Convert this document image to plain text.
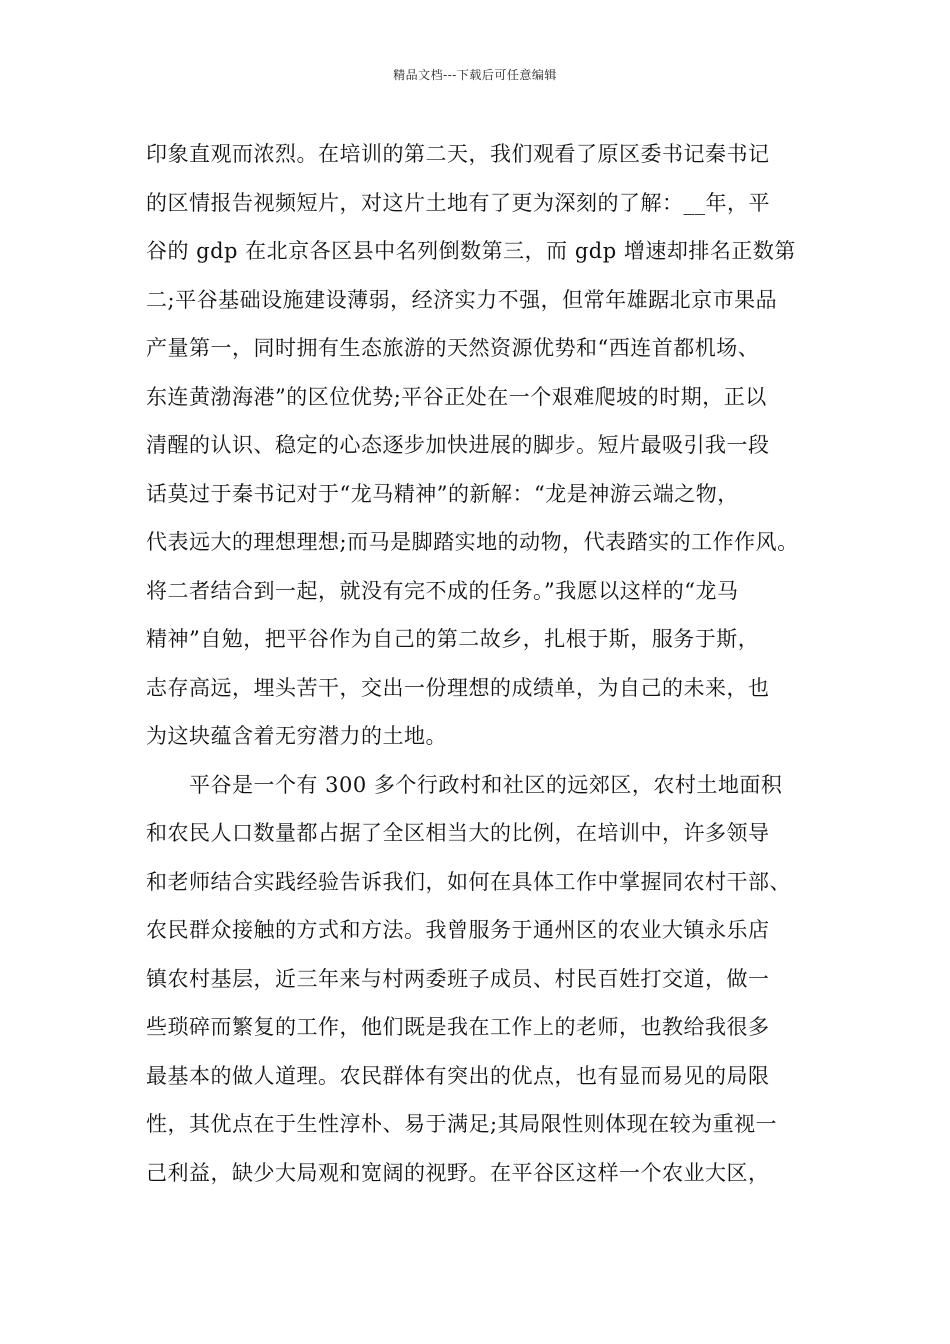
精品文档---下载后可任意编辑
印象直观而浓烈。在培训的第二天，我们观看了原区委书记秦书记
的区情报告视频短片，对这片土地有了更为深刻的了解：__年，平
谷的 gdp 在北京各区县中名列倒数第三，而 gdp 增速却排名正数第
二;平谷基础设施建设薄弱，经济实力不强，但常年雄踞北京市果品
产量第一，同时拥有生态旅游的天然资源优势和“西连首都机场、
东连黄渤海港”的区位优势;平谷正处在一个艰难爬坡的时期，正以
清醒的认识、稳定的心态逐步加快进展的脚步。短片最吸引我一段
话莫过于秦书记对于“龙马精神”的新解：“龙是神游云端之物，
代表远大的理想理想;而马是脚踏实地的动物，代表踏实的工作作风。
将二者结合到一起，就没有完不成的任务。”我愿以这样的“龙马
精神”自勉，把平谷作为自己的第二故乡，扎根于斯，服务于斯，
志存高远，埋头苦干，交出一份理想的成绩单，为自己的未来，也
为这块蕴含着无穷潜力的土地。
　　平谷是一个有 300 多个行政村和社区的远郊区，农村土地面积
和农民人口数量都占据了全区相当大的比例，在培训中，许多领导
和老师结合实践经验告诉我们，如何在具体工作中掌握同农村干部、
农民群众接触的方式和方法。我曾服务于通州区的农业大镇永乐店
镇农村基层，近三年来与村两委班子成员、村民百姓打交道，做一
些琐碎而繁复的工作，他们既是我在工作上的老师，也教给我很多
最基本的做人道理。农民群体有突出的优点，也有显而易见的局限
性，其优点在于生性淳朴、易于满足;其局限性则体现在较为重视一
己利益，缺少大局观和宽阔的视野。在平谷区这样一个农业大区，
